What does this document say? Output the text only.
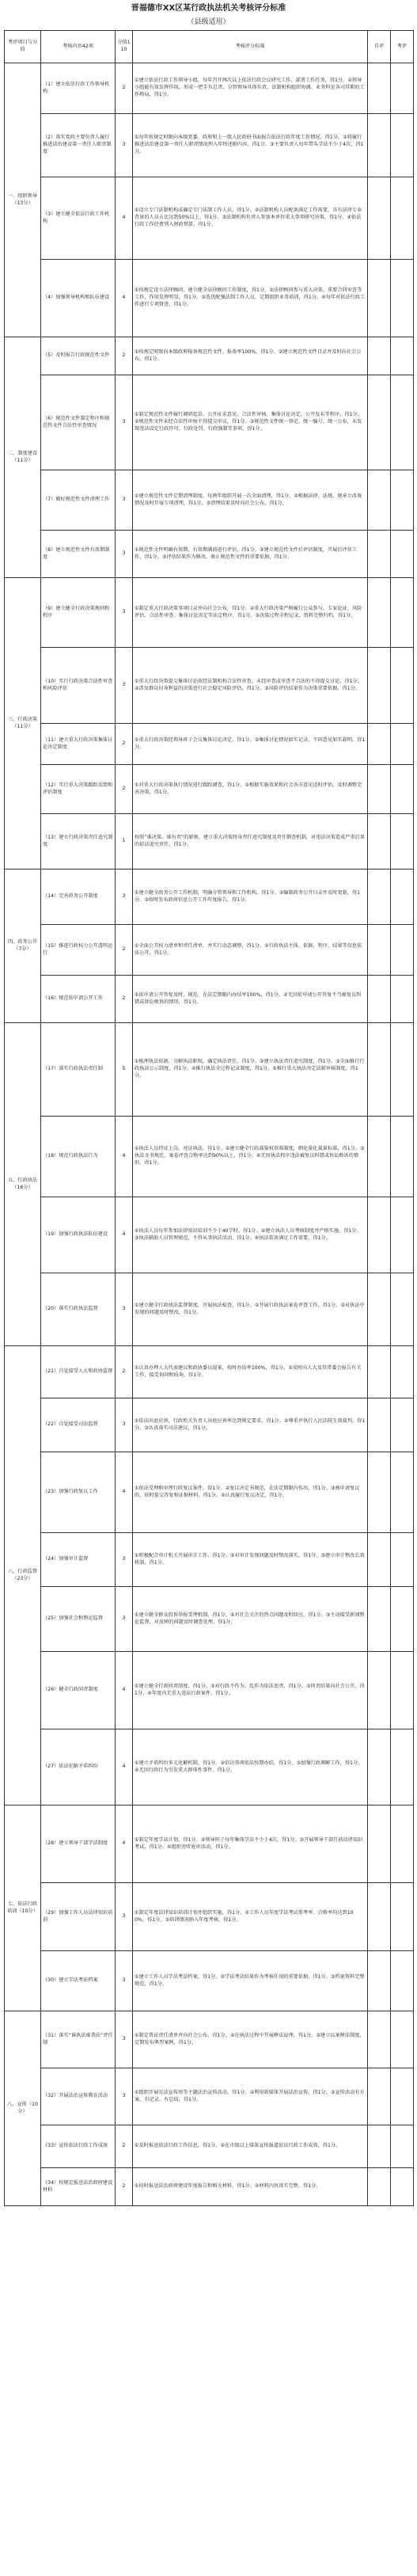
晋福德市XX区某行政执法机关考核评分标准
（县级适用）
考评项目与分值	考核内容42项	分值110	考核评分标准	自评	考评
一、组织领导（13分）	（1）建立依法行政工作领导机构	2	①建立依法行政工作领导小组，每年召开两次以上依法行政会议研究工作，部署工作任务，得1分。②领导小组能有效发挥作用，形成一把手负总责、分管领导具体负责、法制机构组织协调、业务科室各司其职的工作格局，得1分。		
	（2）落实党政主要负责人履行推进法治建设第一责任人职责制度	3	①每年按规定时限向本级党委、政府和上一级人民政府书面报告依法行政年度工作情况，得1分。②将履行推进法治建设第一责任人职责情况列入年终述职内容，得1分。③主要负责人每年带头学法不少于4次，得1分。		
	（3）建立健全依法行政工作机构	4	①设立专门法制机构或确定专门法制工作人员，得1分。②法制机构人员配备满足工作需要，具有法律专业背景的人员占比达到50%以上，得1分。③法制机构负责人参加本单位重大事项研究决策，得1分。④依法行政工作经费列入财政预算，得1分。		
	（4）加强领导机构和队伍建设	4	①按规定设立法律顾问，建立健全法律顾问工作制度，得1分。②法律顾问参与重大决策、重要合同审查等工作，作用发挥明显，得1分。③选优配强法制工作人员，定期组织业务培训，得1分。④每年对依法行政工作进行专项督查，得1分。		
二、制度建设（11分）	（5）及时报告行政规范性文件	2	①按规定时限向本级政府报备规范性文件，报备率100%，得1分。②建立规范性文件目录并及时向社会公布，得1分。		
	（6）规范性文件制定程序和规范性文件合法性审查情况	3	①制定规范性文件履行调研起草、公开征求意见、合法性审核、集体讨论决定、公开发布等程序，得1分。②规范性文件未经合法性审核不得提交审议，得1分。③规范性文件统一登记、统一编号、统一公布，未发现违法设定行政许可、行政处罚、行政强制等事项，得1分。		
	（7）做好规范性文件清理工作	3	①建立规范性文件定期清理制度，每两年组织开展一次全面清理，得1分。②根据法律、法规、规章立改废情况及时开展专项清理，得1分。③清理结果及时向社会公布，得1分。		
	（8）建立规范性文件有效期制度	3	①规范性文件明确有效期，有效期满前进行评估，得1分。②建立规范性文件后评估制度，开展后评估工作，得1分。③评估结果作为修改、废止规范性文件的重要依据，得1分。		
三、行政决策（11分）	（9）建立健全行政决策规则和程序	3	①制定重大行政决策事项目录并向社会公布，得1分。②重大行政决策严格履行公众参与、专家论证、风险评估、合法性审查、集体讨论决定等法定程序，得1分。③决策过程全程记录，资料完整归档，得1分。		
	（10）实行行政决策合法性审查和风险评估	3	①重大行政决策提交集体讨论前经法制机构合法性审查，未经审查或审查不合法的不得提交讨论，得1分。②涉及群众切身利益的决策进行社会稳定风险评估，得1分。③风险评估结果作为决策重要依据，得1分。		
	（11）建立重大行政决策集体讨论决定制度	2	①重大行政决策经领导班子会议集体讨论决定，得1分。②集体讨论情况如实记录，不同意见如实载明，得1分。		
	（12）实行重大决策跟踪反馈和评估制度	2	①对重大行政决策执行情况进行跟踪调查，得1分。②根据实施效果和社会各方意见适时评估，及时调整完善决策，得1分。		
	（13）建立行政决策责任追究制度	1	按照“谁决策、谁负责”的原则，建立重大决策终身责任追究制度及责任倒查机制，对违法决策造成严重后果的依法追究责任，得1分。		
四、政务公开（7分）	（14）完善政务公开制度	3	①建立健全政务公开工作机制，明确分管领导和工作机构，得1分。②编制政务公开目录并及时更新，得1分。③按时发布政府信息公开工作年度报告，得1分。		
	（15）推进行政权力公开透明运行	2	①全面公开权力清单和责任清单，并实行动态调整，得1分。②行政执法主体、依据、程序、结果等信息依法公开，得1分。		
	（16）规范依申请公开工作	2	①依申请公开答复及时、规范，在法定期限内办结率100%，得1分。②无因依申请公开答复不当被复议纠错或诉讼败诉的情形，得1分。		
五、行政执法（16分）	（17）落实行政执法责任制	5	①梳理执法依据，分解执法职权，确定执法责任，得1分。②建立执法责任追究制度，得1分。③全面推行行政执法公示制度，得1分。④推行执法全过程记录制度，得1分。⑤推行重大执法决定法制审核制度，得1分。		
	（18）规范行政执法行为	4	①执法人员持证上岗，亮证执法，得1分。②建立健全行政裁量权基准制度，细化量化裁量标准，得1分。③执法文书规范，案卷评查合格率达到90%以上，得1分。④无因执法程序违法被复议纠错或诉讼败诉的情形，得1分。		
	（19）加强行政执法队伍建设	4	①执法人员每年参加法律知识培训不少于40学时，得1分。②建立执法人员考核制度并严格实施，得1分。③执法辅助人员管理规范，不得从事执法活动，得1分。④执法装备满足工作需要，得1分。		
	（20）落实行政执法监督	3	①建立健全行政执法监督制度，开展执法检查，得1分。②开展行政执法案卷评查工作，得1分。③对执法中发现的问题及时整改，得1分。		
六、行政监督（23分）	（21）自觉接受人大和政协监督	2	①认真办理人大代表建议和政协委员提案，按时办结率100%，得1分。②及时向人大及其常委会报告有关工作，接受询问和质询，得1分。		
	（22）自觉接受司法监督	3	①依法出庭应诉，行政机关负责人出庭应诉率达到规定要求，得1分。②尊重并执行人民法院生效裁判，得1分。③认真落实司法建议，得1分。		
	（23）加强行政复议工作	4	①依法受理和审理行政复议案件，得1分。②复议决定书规范，在法定期限内作出，得1分。③被申请复议的，按时提交答复和证据材料，得1分。④认真履行复议决定，得1分。		
	（24）加强审计监督	3	①积极配合审计机关开展审计工作，得1分。②对审计发现问题及时整改落实，得1分。③建立审计整改长效机制，得1分。		
	（25）加强社会和舆论监督	3	①建立健全群众投诉举报受理机制，得1分。②对社会关注的热点问题及时回应，得1分。③主动接受新闻舆论监督，对反映的问题及时调查处理，得1分。		
	（26）健全行政问责制度	4	①建立健全行政问责制度，得1分。②对行政不作为、乱作为依法追责，得1分。③问责结果向社会公开，得1分。④年度内无重大违法行政案件，得1分。		
	（27）依法化解矛盾纠纷	4	①建立矛盾纠纷多元化解机制，得1分。②信访事项依法按期办结，得1分。③加强行政调解工作，得1分。④无因行政行为引发重大群体性事件，得1分。		
七、依法行政培训（10分）	（28）建立领导干部学法制度	4	①制定年度学法计划，得1分。②领导班子每年集体学法不少于4次，得1分。③开展领导干部任前法律知识考试，得1分。④组织旁听庭审活动，得1分。		
	（29）加强工作人员法律知识培训	3	①制定年度法律知识培训计划并组织实施，得1分。②工作人员年度学法考试参考率、合格率均达到100%，得1分。③培训情况纳入年度考核，得1分。		
	（30）建立学法考法档案	3	①建立工作人员学法考法档案，得1分。②学法考法结果作为考核任用的重要依据，得1分。③档案资料完整规范，得1分。		
八、宣传（10分）	（31）落实“谁执法谁普法”责任制	3	①制定普法责任清单并向社会公布，得1分。②在执法过程中开展释法说理，得1分。③建立以案释法制度，定期发布典型案例，得1分。		
	（32）开展法治宣传教育活动	3	①组织开展宪法宣传周等主题法治宣传活动，得1分。②利用新媒体开展法治宣传，得1分。③宣传活动有方案、有记录、有总结，得1分。		
	（33）宣传依法行政工作成效	2	①及时报送依法行政工作信息，得1分。②在市级以上媒体宣传报道依法行政工作成效，得1分。		
	（34）按规定报送法治政府建设材料	2	①按时报送法治政府建设年度报告和相关材料，得1分。②材料内容真实完整，得1分。		
